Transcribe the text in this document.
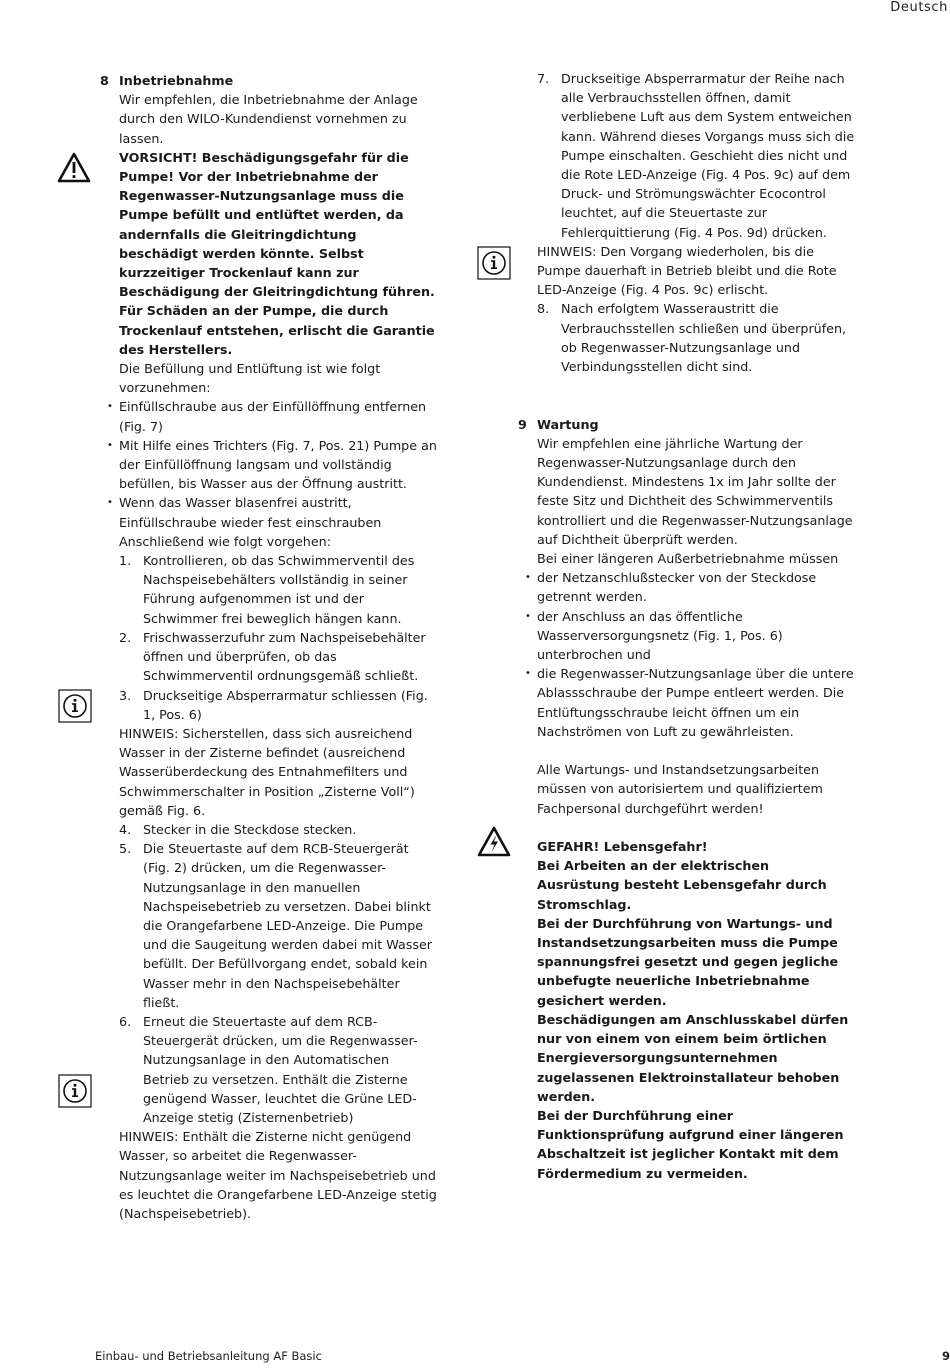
Deutsch
8 Inbetriebnahme

Wir empfehlen, die Inbetriebnahme der Anlage durch den WILO-Kundendienst vornehmen zu lassen.

VORSICHT! Beschädigungsgefahr für die Pumpe! Vor der Inbetriebnahme der Regenwasser-Nutzungsanlage muss die Pumpe befüllt und entlüftet werden, da andernfalls die Gleitringdichtung beschädigt werden könnte. Selbst kurzzeitiger Trockenlauf kann zur Beschädigung der Gleitringdichtung führen. Für Schäden an der Pumpe, die durch Trockenlauf entstehen, erlischt die Garantie des Herstellers.

Die Befüllung und Entlüftung ist wie folgt vorzunehmen:

• Einfüllschraube aus der Einfüllöffnung entfernen (Fig. 7)
• Mit Hilfe eines Trichters (Fig. 7, Pos. 21) Pumpe an der Einfüllöffnung langsam und vollständig befüllen, bis Wasser aus der Öffnung austritt.
• Wenn das Wasser blasenfrei austritt, Einfüllschraube wieder fest einschrauben

Anschließend wie folgt vorgehen:

1. Kontrollieren, ob das Schwimmerventil des Nachspeisebehälters vollständig in seiner Führung aufgenommen ist und der Schwimmer frei beweglich hängen kann.
2. Frischwasserzufuhr zum Nachspeisebehälter öffnen und überprüfen, ob das Schwimmerventil ordnungsgemäß schließt.
3. Druckseitige Absperrarmatur schliessen (Fig. 1, Pos. 6)

HINWEIS: Sicherstellen, dass sich ausreichend Wasser in der Zisterne befindet (ausreichend Wasserüberdeckung des Entnahmefilters und Schwimmerschalter in Position „Zisterne Voll“) gemäß Fig. 6.

4. Stecker in die Steckdose stecken.
5. Die Steuertaste auf dem RCB-Steuergerät (Fig. 2) drücken, um die Regenwasser-Nutzungsanlage in den manuellen Nachspeisebetrieb zu versetzen. Dabei blinkt die Orangefarbene LED-Anzeige. Die Pumpe und die Saugeitung werden dabei mit Wasser befüllt. Der Befüllvorgang endet, sobald kein Wasser mehr in den Nachspeisebehälter fließt.
6. Erneut die Steuertaste auf dem RCB-Steuergerät drücken, um die Regenwasser-Nutzungsanlage in den Automatischen Betrieb zu versetzen. Enthält die Zisterne genügend Wasser, leuchtet die Grüne LED-Anzeige stetig (Zisternenbetrieb)

HINWEIS: Enthält die Zisterne nicht genügend Wasser, so arbeitet die Regenwasser-Nutzungsanlage weiter im Nachspeisebetrieb und es leuchtet die Orangefarbene LED-Anzeige stetig (Nachspeisebetrieb).

7. Druckseitige Absperrarmatur der Reihe nach alle Verbrauchsstellen öffnen, damit verbliebene Luft aus dem System entweichen kann. Während dieses Vorgangs muss sich die Pumpe einschalten. Geschieht dies nicht und die Rote LED-Anzeige (Fig. 4 Pos. 9c) auf dem Druck- und Strömungswächter Ecocontrol leuchtet, auf die Steuertaste zur Fehlerquittierung (Fig. 4 Pos. 9d) drücken.

HINWEIS: Den Vorgang wiederholen, bis die Pumpe dauerhaft in Betrieb bleibt und die Rote LED-Anzeige (Fig. 4 Pos. 9c) erlischt.

8. Nach erfolgtem Wasseraustritt die Verbrauchsstellen schließen und überprüfen, ob Regenwasser-Nutzungsanlage und Verbindungsstellen dicht sind.
9 Wartung

Wir empfehlen eine jährliche Wartung der Regenwasser-Nutzungsanlage durch den Kundendienst. Mindestens 1x im Jahr sollte der feste Sitz und Dichtheit des Schwimmerventils kontrolliert und die Regenwasser-Nutzungsanlage auf Dichtheit überprüft werden.

Bei einer längeren Außerbetriebnahme müssen

• der Netzanschlußstecker von der Steckdose getrennt werden.
• der Anschluss an das öffentliche Wasserversorgungsnetz (Fig. 1, Pos. 6) unterbrochen und
• die Regenwasser-Nutzungsanlage über die untere Ablassschraube der Pumpe entleert werden. Die Entlüftungsschraube leicht öffnen um ein Nachströmen von Luft zu gewährleisten.

Alle Wartungs- und Instandsetzungsarbeiten müssen von autorisiertem und qualifiziertem Fachpersonal durchgeführt werden!

GEFAHR! Lebensgefahr!
Bei Arbeiten an der elektrischen Ausrüstung besteht Lebensgefahr durch Stromschlag.
Bei der Durchführung von Wartungs- und Instandsetzungsarbeiten muss die Pumpe spannungsfrei gesetzt und gegen jegliche unbefugte neuerliche Inbetriebnahme gesichert werden.
Beschädigungen am Anschlusskabel dürfen nur von einem von einem beim örtlichen Energieversorgungsunternehmen zugelassenen Elektroinstallateur behoben werden.
Bei der Durchführung einer Funktionsprüfung aufgrund einer längeren Abschaltzeit ist jeglicher Kontakt mit dem Fördermedium zu vermeiden.
Einbau- und Betriebsanleitung AF Basic	9
